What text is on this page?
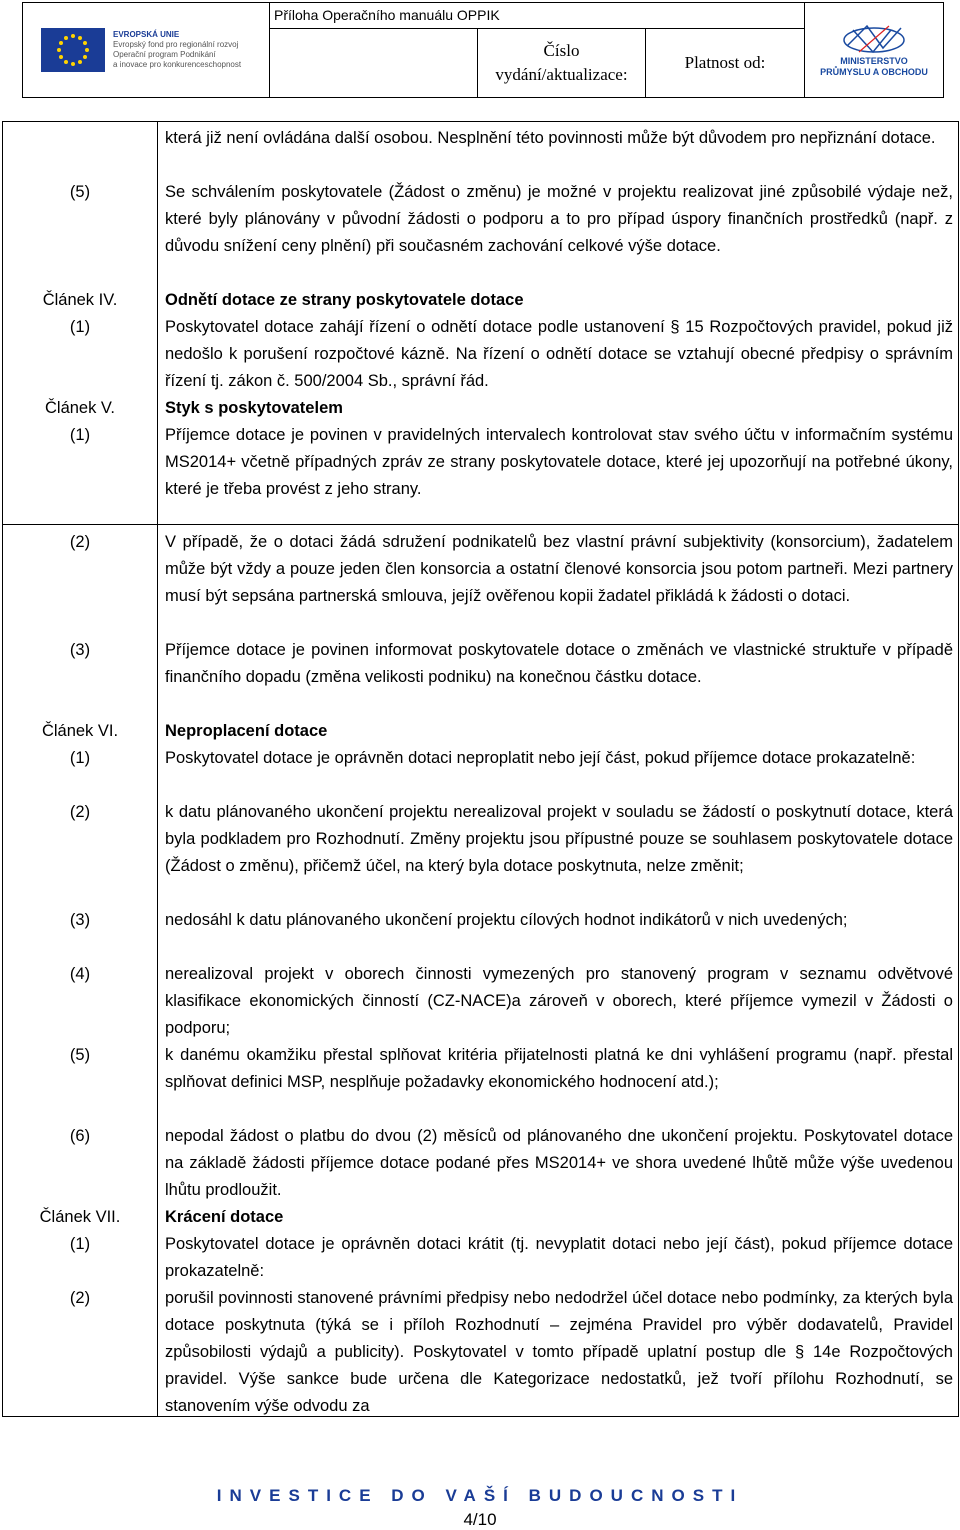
EVROPSKÁ UNIE
Evropský fond pro regionální rozvoj
Operační program Podnikání
a inovace pro konkurenceschopnost
Příloha Operačního manuálu OPPIK
Číslo
vydání/aktualizace:
Platnost od:	MINISTERSTVO
PRŮMYSLU A OBCHODU
která již není ovládána další osobou. Nesplnění této povinnosti může být důvodem pro nepřiznání dotace.
(5)	Se schválením poskytovatele (Žádost o změnu) je možné v projektu realizovat jiné způsobilé výdaje než, které byly plánovány v původní žádosti o podporu a to pro případ úspory finančních prostředků (např. z důvodu snížení ceny plnění) při současném zachování celkové výše dotace.
Článek IV.	Odnětí dotace ze strany poskytovatele dotace
(1)	Poskytovatel dotace zahájí řízení o odnětí dotace podle ustanovení § 15 Rozpočtových pravidel, pokud již nedošlo k porušení rozpočtové kázně. Na řízení o odnětí dotace se vztahují obecné předpisy o správním řízení tj. zákon č. 500/2004 Sb., správní řád.
Článek V.	Styk s poskytovatelem
(1)	Příjemce dotace je povinen v pravidelných intervalech kontrolovat stav svého účtu v informačním systému MS2014+ včetně případných zpráv ze strany poskytovatele dotace, které jej upozorňují na potřebné úkony, které je třeba provést z jeho strany.
(2)	V případě, že o dotaci žádá sdružení podnikatelů bez vlastní právní subjektivity (konsorcium), žadatelem může být vždy a pouze jeden člen konsorcia a ostatní členové konsorcia jsou potom partneři. Mezi partnery musí být sepsána partnerská smlouva, jejíž ověřenou kopii žadatel přikládá k žádosti o dotaci.
(3)	Příjemce dotace je povinen informovat poskytovatele dotace o změnách ve vlastnické struktuře v případě finančního dopadu (změna velikosti podniku) na konečnou částku dotace.
Článek VI.	Neproplacení dotace
(1)	Poskytovatel dotace je oprávněn dotaci neproplatit nebo její část, pokud příjemce dotace prokazatelně:
(2)	k datu plánovaného ukončení projektu nerealizoval projekt v souladu se žádostí o poskytnutí dotace, která byla podkladem pro Rozhodnutí. Změny projektu jsou přípustné pouze se souhlasem poskytovatele dotace (Žádost o změnu), přičemž účel, na který byla dotace poskytnuta, nelze změnit;
(3)	nedosáhl k datu plánovaného ukončení projektu cílových hodnot indikátorů v nich uvedených;
(4)	nerealizoval projekt v oborech činnosti vymezených pro stanovený program v seznamu odvětvové klasifikace ekonomických činností (CZ-NACE)a zároveň v oborech, které příjemce vymezil v Žádosti o podporu;
(5)	k danému okamžiku přestal splňovat kritéria přijatelnosti platná ke dni vyhlášení programu (např. přestal splňovat definici MSP, nesplňuje požadavky ekonomického hodnocení atd.);
(6)	nepodal žádost o platbu do dvou (2) měsíců od plánovaného dne ukončení projektu. Poskytovatel dotace na základě žádosti příjemce dotace podané přes MS2014+ ve shora uvedené lhůtě může výše uvedenou lhůtu prodloužit.
Článek VII.	Krácení dotace
(1)	Poskytovatel dotace je oprávněn dotaci krátit (tj. nevyplatit dotaci nebo její část), pokud příjemce dotace prokazatelně:
(2)	porušil povinnosti stanovené právními předpisy nebo nedodržel účel dotace nebo podmínky, za kterých byla dotace poskytnuta (týká se i příloh Rozhodnutí – zejména Pravidel pro výběr dodavatelů, Pravidel způsobilosti výdajů a publicity). Poskytovatel v tomto případě uplatní postup dle § 14e Rozpočtových pravidel. Výše sankce bude určena dle Kategorizace nedostatků, jež tvoří přílohu Rozhodnutí, se stanovením výše odvodu za
INVESTICE DO VAŠÍ BUDOUCNOSTI
4/10
